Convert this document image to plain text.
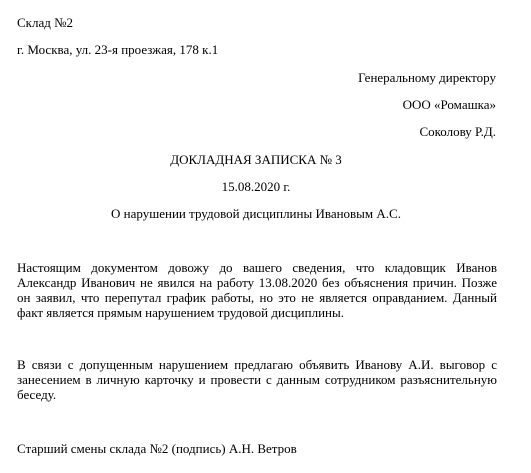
Склад №2
г. Москва, ул. 23-я проезжая, 178 к.1
Генеральному директору
ООО «Ромашка»
Соколову Р.Д.
ДОКЛАДНАЯ ЗАПИСКА № 3
15.08.2020 г.
О нарушении трудовой дисциплины Ивановым А.С.
Настоящим документом довожу до вашего сведения, что кладовщик Иванов Александр Иванович не явился на работу 13.08.2020 без объяснения причин. Позже он заявил, что перепутал график работы, но это не является оправданием. Данный факт является прямым нарушением трудовой дисциплины.
В связи с допущенным нарушением предлагаю объявить Иванову А.И. выговор с занесением в личную карточку и провести с данным сотрудником разъяснительную беседу.
Старший смены склада №2 (подпись) А.Н. Ветров
